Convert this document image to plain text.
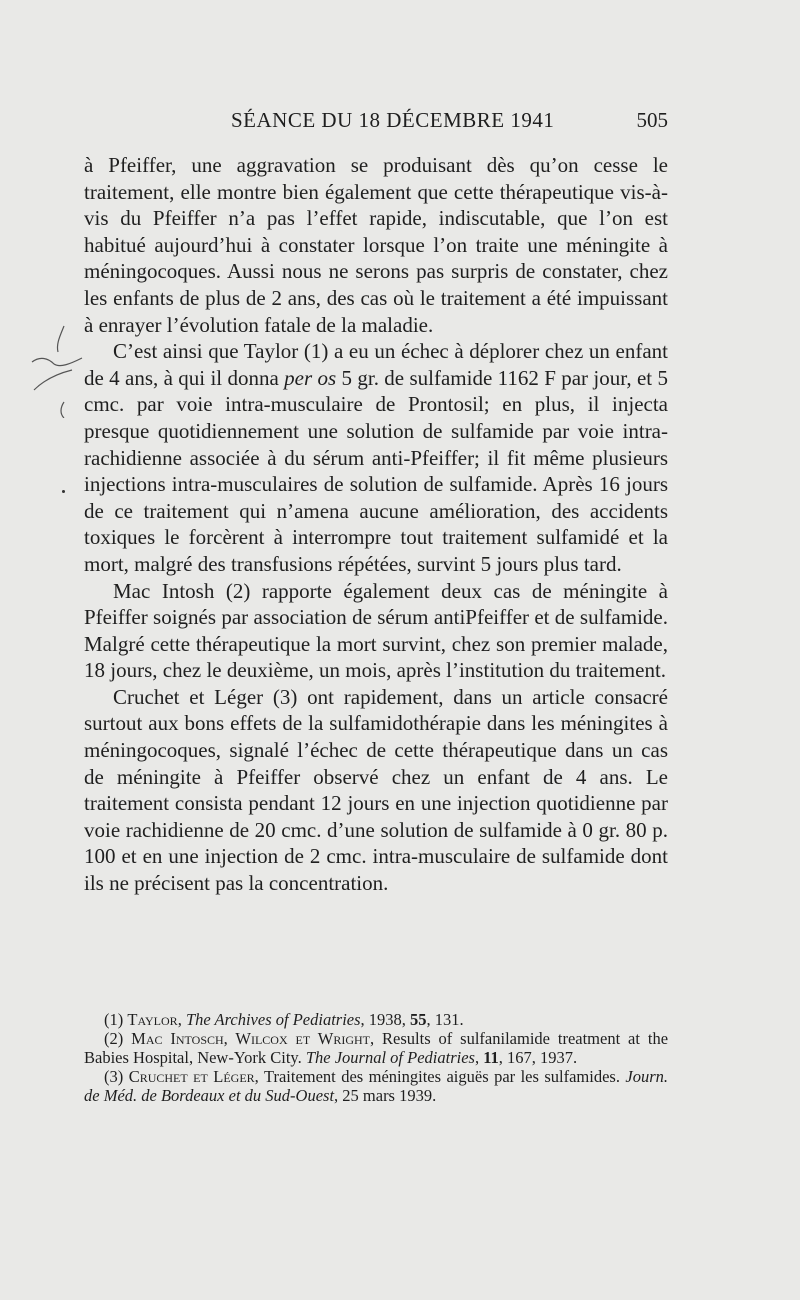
SÉANCE DU 18 DÉCEMBRE 1941	505

à Pfeiffer, une aggravation se produisant dès qu’on cesse le traitement, elle montre bien également que cette thérapeutique vis-à-vis du Pfeiffer n’a pas l’effet rapide, indiscutable, que l’on est habitué aujourd’hui à constater lorsque l’on traite une méningite à méningocoques. Aussi nous ne serons pas surpris de constater, chez les enfants de plus de 2 ans, des cas où le traitement a été impuissant à enrayer l’évolution fatale de la maladie.

C’est ainsi que Taylor (1) a eu un échec à déplorer chez un enfant de 4 ans, à qui il donna per os 5 gr. de sulfamide 1162 F par jour, et 5 cmc. par voie intra-musculaire de Prontosil; en plus, il injecta presque quotidiennement une solution de sulfamide par voie intra-rachidienne associée à du sérum anti-Pfeiffer; il fit même plusieurs injections intra-musculaires de solution de sulfamide. Après 16 jours de ce traitement qui n’amena aucune amélioration, des accidents toxiques le forcèrent à interrompre tout traitement sulfamidé et la mort, malgré des transfusions répétées, survint 5 jours plus tard.

Mac Intosh (2) rapporte également deux cas de méningite à Pfeiffer soignés par association de sérum antiPfeiffer et de sulfamide. Malgré cette thérapeutique la mort survint, chez son premier malade, 18 jours, chez le deuxième, un mois, après l’institution du traitement.

Cruchet et Léger (3) ont rapidement, dans un article consacré surtout aux bons effets de la sulfamidothérapie dans les méningites à méningocoques, signalé l’échec de cette thérapeutique dans un cas de méningite à Pfeiffer observé chez un enfant de 4 ans. Le traitement consista pendant 12 jours en une injection quotidienne par voie rachidienne de 20 cmc. d’une solution de sulfamide à 0 gr. 80 p. 100 et en une injection de 2 cmc. intra-musculaire de sulfamide dont ils ne précisent pas la concentration.

(1) Taylor, The Archives of Pediatries, 1938, 55, 131.

(2) Mac Intosch, Wilcox et Wright, Results of sulfanilamide treatment at the Babies Hospital, New-York City. The Journal of Pediatries, 11, 167, 1937.

(3) Cruchet et Léger, Traitement des méningites aiguës par les sulfamides. Journ. de Méd. de Bordeaux et du Sud-Ouest, 25 mars 1939.
